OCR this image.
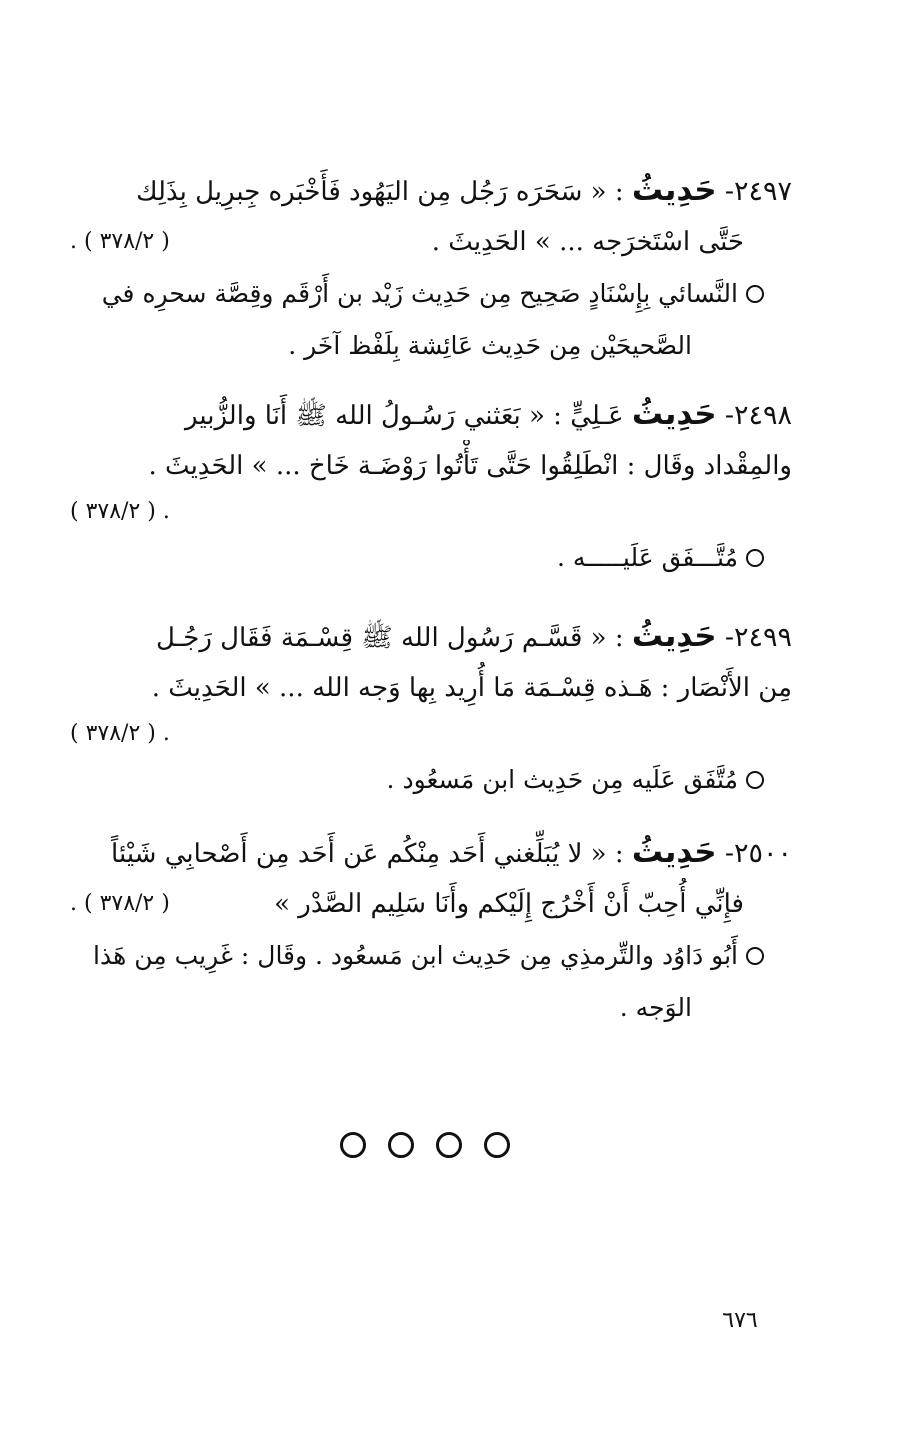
٢٤٩٧- حَدِيثُ : « سَحَرَه رَجُل مِن اليَهُود فَأَخْبَره جِبرِيل بِذَلِك
حَتَّى اسْتَخرَجه ... » الحَدِيثَ .
( ٣٧٨/٢ ) .
النَّسائي بِإِسْنَادٍ صَحِيح مِن حَدِيث زَيْد بن أَرْقَم وقِصَّة سحرِه في
الصَّحيحَيْن مِن حَدِيث عَائِشة بِلَفْظ آخَر .
٢٤٩٨- حَدِيثُ عَـلِيٍّ : « بَعَثني رَسُـولُ الله ﷺ أَنَا والزُّبير
والمِقْداد وقَال : انْطَلِقُوا حَتَّى تَأْتُوا رَوْضَـة خَاخ ... » الحَدِيثَ .
. ( ٣٧٨/٢ )
مُتَّـــفَق عَلَيـــــه .
٢٤٩٩- حَدِيثُ : « قَسَّـم رَسُول الله ﷺ قِسْـمَة فَقَال رَجُـل
مِن الأَنْصَار : هَـذه قِسْـمَة مَا أُرِيد بِها وَجه الله ... » الحَدِيثَ .
. ( ٣٧٨/٢ )
مُتَّفَق عَلَيه مِن حَدِيث ابن مَسعُود .
٢٥٠٠- حَدِيثُ : « لا يُبَلِّغني أَحَد مِنْكُم عَن أَحَد مِن أَصْحابِي شَيْئاً
فإِنِّي أُحِبّ أَنْ أَخْرُج إِلَيْكم وأَنَا سَلِيم الصَّدْر »
( ٣٧٨/٢ ) .
أَبُو دَاوُد والتِّرمذِي مِن حَدِيث ابن مَسعُود . وقَال : غَرِيب مِن هَذا
الوَجه .
٦٧٦
